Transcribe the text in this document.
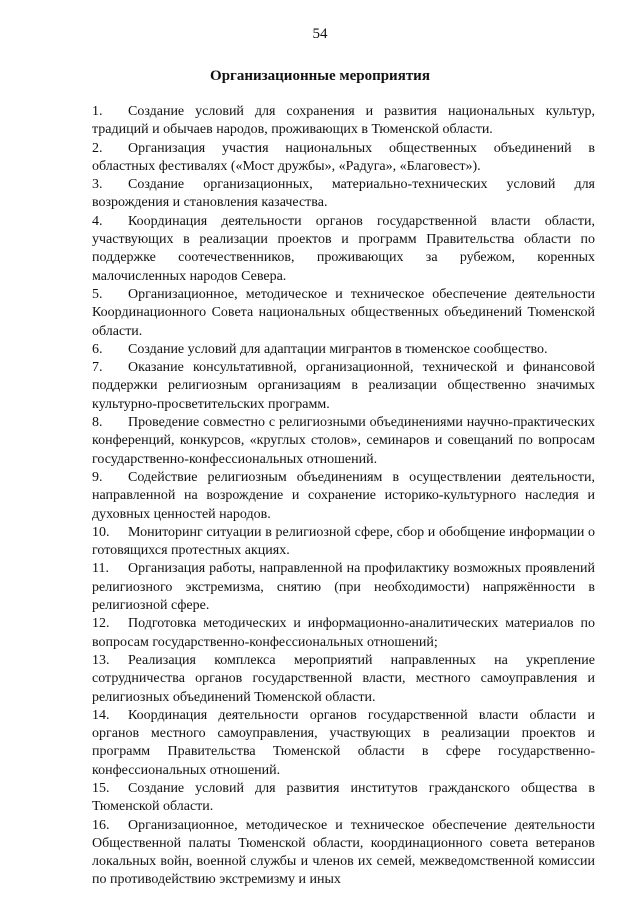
54
Организационные мероприятия

1. Создание условий для сохранения и развития национальных культур, традиций и обычаев народов, проживающих в Тюменской области.

2. Организация участия национальных общественных объединений в областных фестивалях («Мост дружбы», «Радуга», «Благовест»).

3. Создание организационных, материально-технических условий для возрождения и становления казачества.

4. Координация деятельности органов государственной власти области, участвующих в реализации проектов и программ Правительства области по поддержке соотечественников, проживающих за рубежом, коренных малочисленных народов Севера.

5. Организационное, методическое и техническое обеспечение деятельности Координационного Совета национальных общественных объединений Тюменской области.

6. Создание условий для адаптации мигрантов в тюменское сообщество.

7. Оказание консультативной, организационной, технической и финансовой поддержки религиозным организациям в реализации общественно значимых культурно-просветительских программ.

8. Проведение совместно с религиозными объединениями научно-практических конференций, конкурсов, «круглых столов», семинаров и совещаний по вопросам государственно-конфессиональных отношений.

9. Содействие религиозным объединениям в осуществлении деятельности, направленной на возрождение и сохранение историко-культурного наследия и духовных ценностей народов.

10. Мониторинг ситуации в религиозной сфере, сбор и обобщение информации о готовящихся протестных акциях.

11. Организация работы, направленной на профилактику возможных проявлений религиозного экстремизма, снятию (при необходимости) напряжённости в религиозной сфере.

12. Подготовка методических и информационно-аналитических материалов по вопросам государственно-конфессиональных отношений;

13. Реализация комплекса мероприятий направленных на укрепление сотрудничества органов государственной власти, местного самоуправления и религиозных объединений Тюменской области.

14. Координация деятельности органов государственной власти области и органов местного самоуправления, участвующих в реализации проектов и программ Правительства Тюменской области в сфере государственно-конфессиональных отношений.

15. Создание условий для развития институтов гражданского общества в Тюменской области.

16. Организационное, методическое и техническое обеспечение деятельности Общественной палаты Тюменской области, координационного совета ветеранов локальных войн, военной службы и членов их семей, межведомственной комиссии по противодействию экстремизму и иных
